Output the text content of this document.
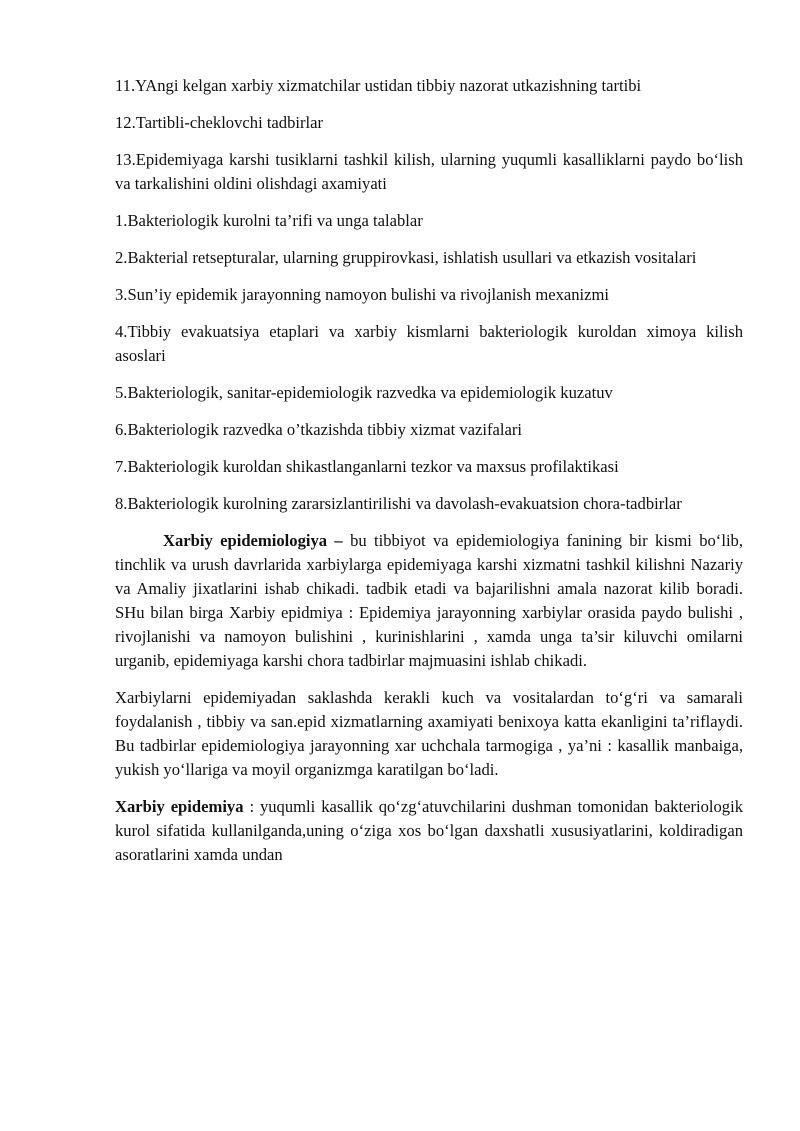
11.YAngi kelgan xarbiy xizmatchilar ustidan tibbiy nazorat utkazishning tartibi

12.Tartibli-cheklovchi tadbirlar

13.Epidemiyaga karshi tusiklarni tashkil kilish, ularning yuqumli kasalliklarni paydo bo‘lish va tarkalishini oldini olishdagi axamiyati

1.Bakteriologik kurolni ta’rifi va unga talablar

2.Bakterial retsepturalar, ularning gruppirovkasi, ishlatish usullari va etkazish vositalari

3.Sun’iy epidemik jarayonning namoyon bulishi va rivojlanish mexanizmi

4.Tibbiy evakuatsiya etaplari va xarbiy kismlarni bakteriologik kuroldan ximoya kilish asoslari

5.Bakteriologik, sanitar-epidemiologik razvedka va epidemiologik kuzatuv

6.Bakteriologik razvedka o’tkazishda tibbiy xizmat vazifalari

7.Bakteriologik kuroldan shikastlanganlarni tezkor va maxsus profilaktikasi

8.Bakteriologik kurolning zararsizlantirilishi va davolash-evakuatsion chora-tadbirlar

Xarbiy epidemiologiya – bu tibbiyot va epidemiologiya fanining bir kismi bo‘lib, tinchlik va urush davrlarida xarbiylarga epidemiyaga karshi xizmatni tashkil kilishni Nazariy va Amaliy jixatlarini ishab chikadi. tadbik etadi va bajarilishni amala nazorat kilib boradi. SHu bilan birga Xarbiy epidmiya : Epidemiya jarayonning xarbiylar orasida paydo bulishi , rivojlanishi va namoyon bulishini , kurinishlarini , xamda unga ta’sir kiluvchi omilarni urganib, epidemiyaga karshi chora tadbirlar majmuasini ishlab chikadi.

Xarbiylarni epidemiyadan saklashda kerakli kuch va vositalardan to‘g‘ri va samarali foydalanish , tibbiy va san.epid xizmatlarning axamiyati benixoya katta ekanligini ta’riflaydi. Bu tadbirlar epidemiologiya jarayonning xar uchchala tarmogiga , ya’ni : kasallik manbaiga, yukish yo‘llariga va moyil organizmga karatilgan bo‘ladi.

Xarbiy epidemiya : yuqumli kasallik qo‘zg‘atuvchilarini dushman tomonidan bakteriologik kurol sifatida kullanilganda,uning o‘ziga xos bo‘lgan daxshatli xususiyatlarini, koldiradigan asoratlarini xamda undan
